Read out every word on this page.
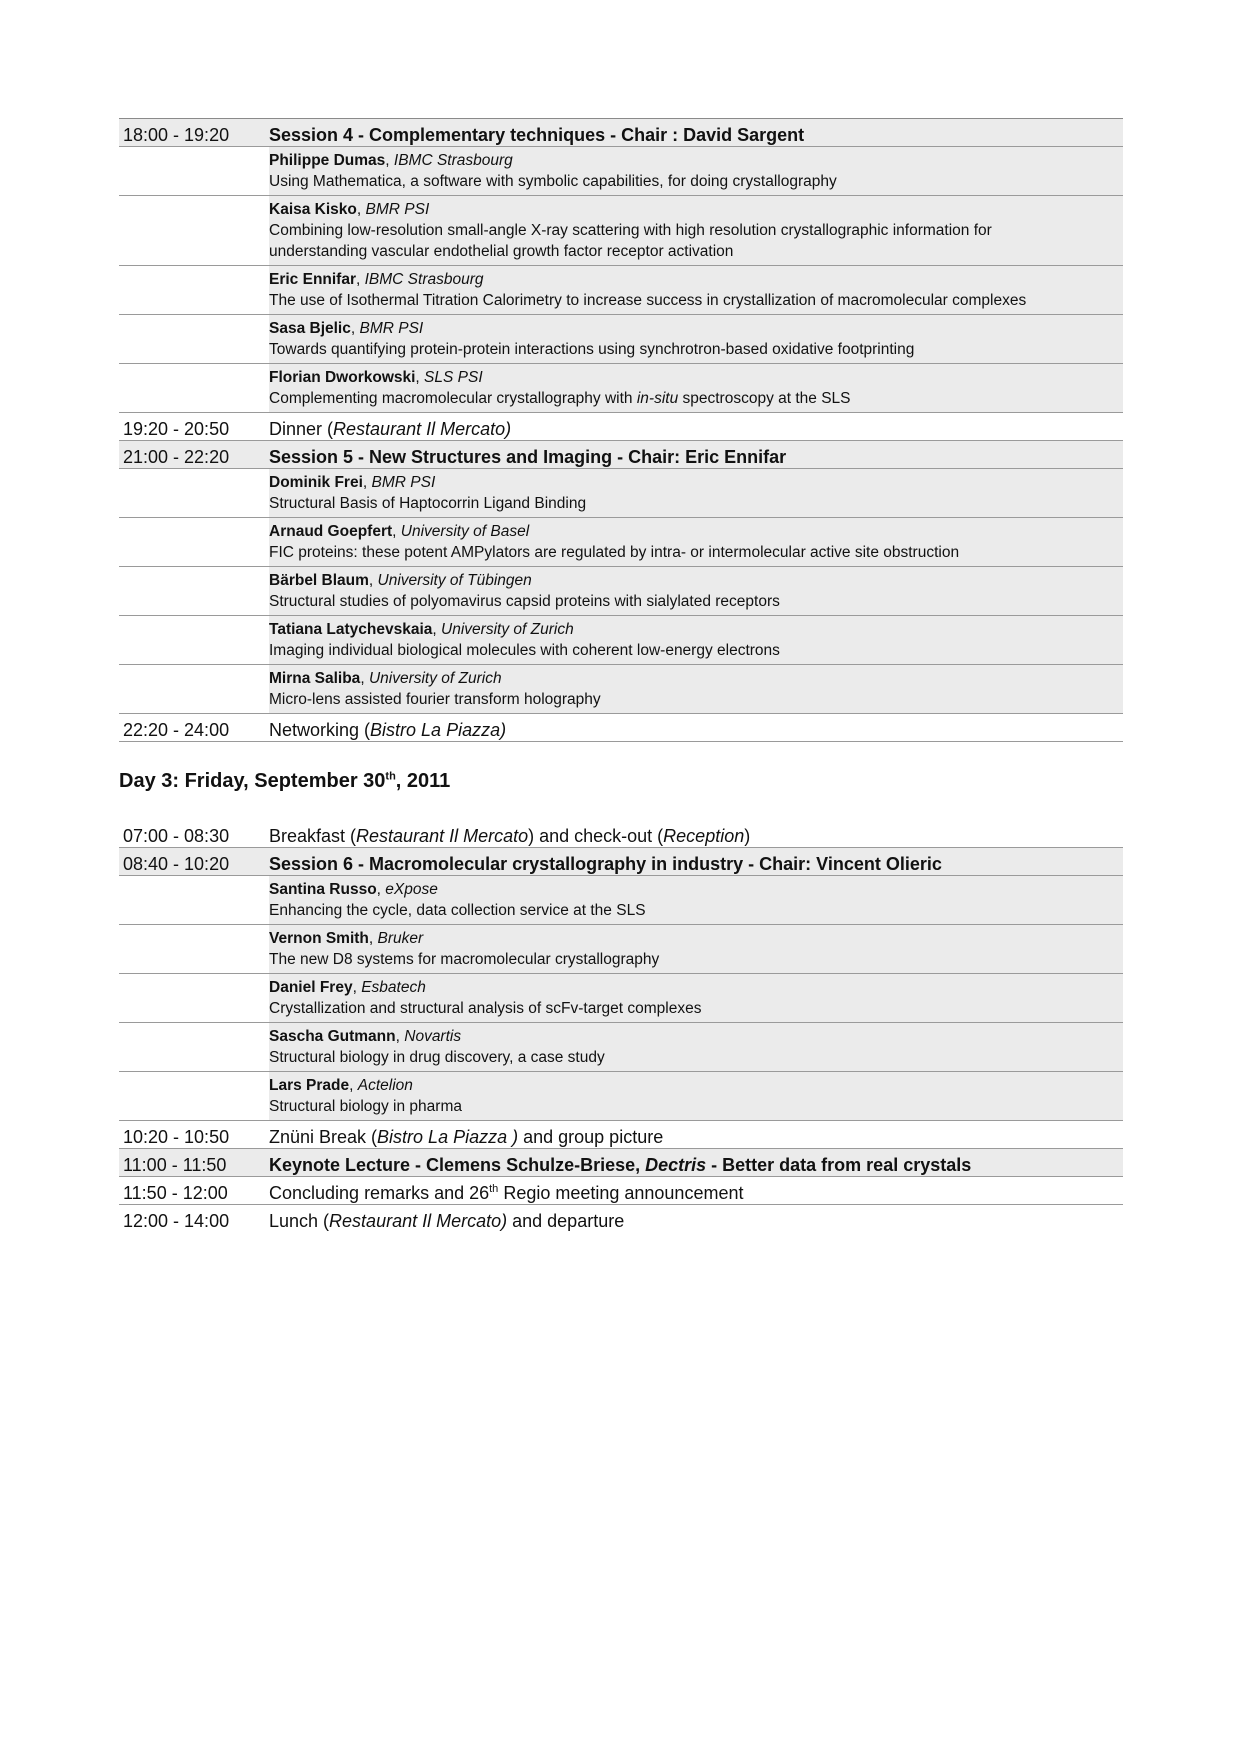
18:00 - 19:20	Session 4 - Complementary techniques - Chair : David Sargent
	Philippe Dumas, IBMC Strasbourg
Using Mathematica, a software with symbolic capabilities, for doing crystallography
	Kaisa Kisko, BMR PSI
Combining low-resolution small-angle X-ray scattering with high resolution crystallographic information for
understanding vascular endothelial growth factor receptor activation
	Eric Ennifar, IBMC Strasbourg
The use of Isothermal Titration Calorimetry to increase success in crystallization of macromolecular complexes
	Sasa Bjelic, BMR PSI
Towards quantifying protein-protein interactions using synchrotron-based oxidative footprinting
	Florian Dworkowski, SLS PSI
Complementing macromolecular crystallography with in-situ spectroscopy at the SLS
19:20 - 20:50	Dinner (Restaurant Il Mercato)
21:00 - 22:20	Session 5 - New Structures and Imaging - Chair: Eric Ennifar
	Dominik Frei, BMR PSI
Structural Basis of Haptocorrin Ligand Binding
	Arnaud Goepfert, University of Basel
FIC proteins: these potent AMPylators are regulated by intra- or intermolecular active site obstruction
	Bärbel Blaum, University of Tübingen
Structural studies of polyomavirus capsid proteins with sialylated receptors
	Tatiana Latychevskaia, University of Zurich
Imaging individual biological molecules with coherent low-energy electrons
	Mirna Saliba, University of Zurich
Micro-lens assisted fourier transform holography
22:20 - 24:00	Networking (Bistro La Piazza)
Day 3: Friday, September 30th, 2011
07:00 - 08:30	Breakfast (Restaurant Il Mercato) and check-out (Reception)
08:40 - 10:20	Session 6 - Macromolecular crystallography in industry - Chair: Vincent Olieric
	Santina Russo, eXpose
Enhancing the cycle, data collection service at the SLS
	Vernon Smith, Bruker
The new D8 systems for macromolecular crystallography
	Daniel Frey, Esbatech
Crystallization and structural analysis of scFv-target complexes
	Sascha Gutmann, Novartis
Structural biology in drug discovery, a case study
	Lars Prade, Actelion
Structural biology in pharma
10:20 - 10:50	Znüni Break (Bistro La Piazza ) and group picture
11:00 - 11:50	Keynote Lecture - Clemens Schulze-Briese, Dectris - Better data from real crystals
11:50 - 12:00	Concluding remarks and 26th Regio meeting announcement
12:00 - 14:00	Lunch (Restaurant Il Mercato) and departure
